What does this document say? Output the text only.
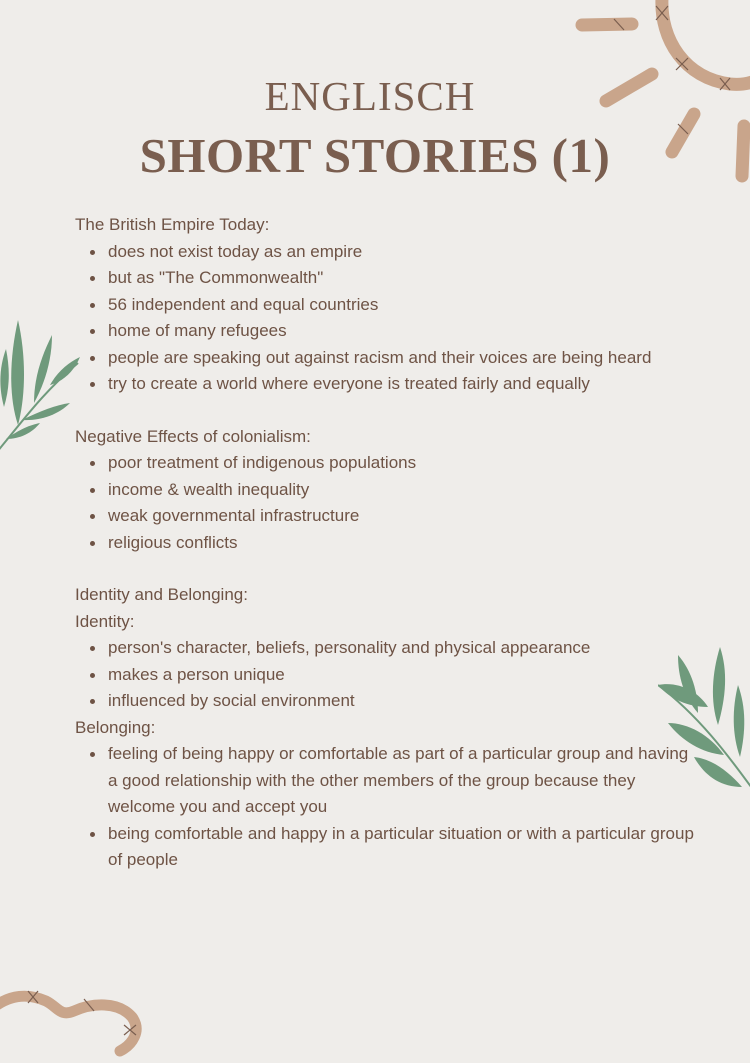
ENGLISCH
SHORT STORIES (1)

The British Empire Today:

does not exist today as an empire
but as "The Commonwealth"
56 independent and equal countries
home of many refugees
people are speaking out against racism and their voices are being heard
try to create a world where everyone is treated fairly and equally

Negative Effects of colonialism:

poor treatment of indigenous populations
income & wealth inequality
weak governmental infrastructure
religious conflicts

Identity and Belonging:

Identity:

person's character, beliefs, personality and physical appearance
makes a person unique
influenced by social environment

Belonging:

feeling of being happy or comfortable as part of a particular group and having a good relationship with the other members of the group because they welcome you and accept you
being comfortable and happy in a particular situation or with a particular group of people
